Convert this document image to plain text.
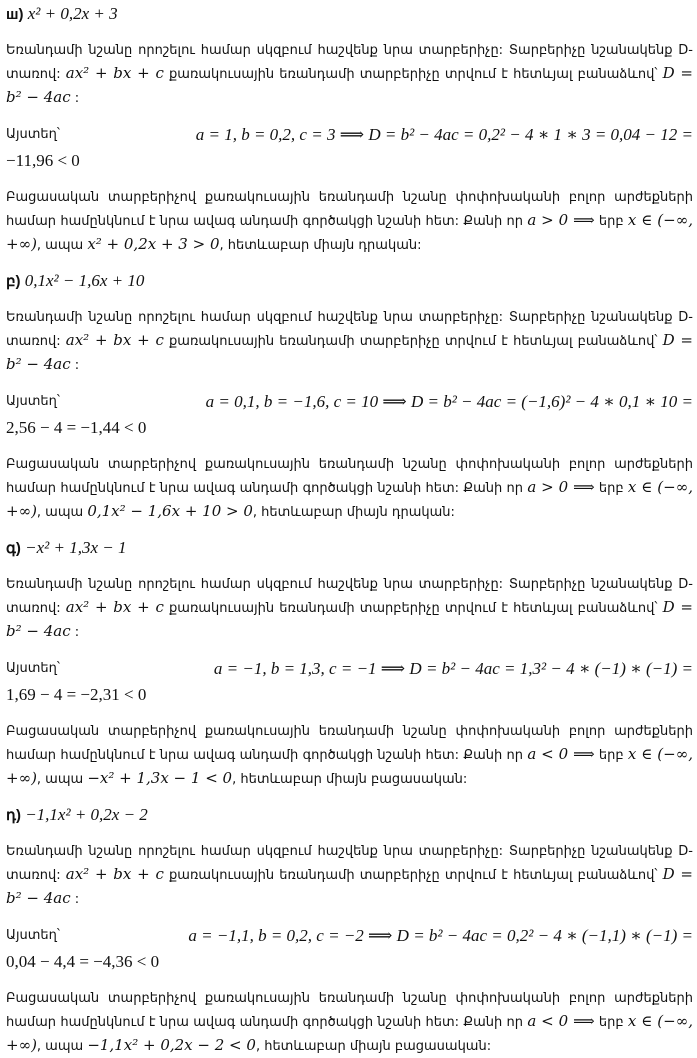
ш) x² + 0,2x + 3
Եռանդամի նշանը որոշելու համար սկզբում հաշվենք նրա տարբերիչը: Տարբերիչը նշանակենք D-տառով: ax² + bx + c քառակուսային եռանդամի տարբերիչը տրվում է հետևյալ բանաձևով՝ D = b² − 4ac :
Այստեղ՝	a = 1, b = 0,2, c = 3 ⟹ D = b² − 4ac = 0,2² − 4 ∗ 1 ∗ 3 = 0,04 − 12 =
−11,96 < 0
Բացասական տարբերիչով քառակուսային եռանդամի նշանը փոփոխականի բոլոր արժեքների համար համընկնում է նրա ավագ անդամի գործակցի նշանի հետ: Քանի որ a > 0 ⟹ երբ x ∈ (−∞, +∞), ապա x² + 0,2x + 3 > 0, հետևաբար միայն դրական:
բ) 0,1x² − 1,6x + 10
Եռանդամի նշանը որոշելու համար սկզբում հաշվենք նրա տարբերիչը: Տարբերիչը նշանակենք D-տառով: ax² + bx + c քառակուսային եռանդամի տարբերիչը տրվում է հետևյալ բանաձևով՝ D = b² − 4ac :
Այստեղ՝	a = 0,1, b = −1,6, c = 10 ⟹ D = b² − 4ac = (−1,6)² − 4 ∗ 0,1 ∗ 10 =
2,56 − 4 = −1,44 < 0
Բացասական տարբերիչով քառակուսային եռանդամի նշանը փոփոխականի բոլոր արժեքների համար համընկնում է նրա ավագ անդամի գործակցի նշանի հետ: Քանի որ a > 0 ⟹ երբ x ∈ (−∞, +∞), ապա 0,1x² − 1,6x + 10 > 0, հետևաբար միայն դրական:
գ) −x² + 1,3x − 1
Եռանդամի նշանը որոշելու համար սկզբում հաշվենք նրա տարբերիչը: Տարբերիչը նշանակենք D-տառով: ax² + bx + c քառակուսային եռանդամի տարբերիչը տրվում է հետևյալ բանաձևով՝ D = b² − 4ac :
Այստեղ՝	a = −1, b = 1,3, c = −1 ⟹ D = b² − 4ac = 1,3² − 4 ∗ (−1) ∗ (−1) =
1,69 − 4 = −2,31 < 0
Բացասական տարբերիչով քառակուսային եռանդամի նշանը փոփոխականի բոլոր արժեքների համար համընկնում է նրա ավագ անդամի գործակցի նշանի հետ: Քանի որ a < 0 ⟹ երբ x ∈ (−∞, +∞), ապա −x² + 1,3x − 1 < 0, հետևաբար միայն բացասական:
դ) −1,1x² + 0,2x − 2
Եռանդամի նշանը որոշելու համար սկզբում հաշվենք նրա տարբերիչը: Տարբերիչը նշանակենք D-տառով: ax² + bx + c քառակուսային եռանդամի տարբերիչը տրվում է հետևյալ բանաձևով՝ D = b² − 4ac :
Այստեղ՝	a = −1,1, b = 0,2, c = −2 ⟹ D = b² − 4ac = 0,2² − 4 ∗ (−1,1) ∗ (−1) =
0,04 − 4,4 = −4,36 < 0
Բացասական տարբերիչով քառակուսային եռանդամի նշանը փոփոխականի բոլոր արժեքների համար համընկնում է նրա ավագ անդամի գործակցի նշանի հետ: Քանի որ a < 0 ⟹ երբ x ∈ (−∞, +∞), ապա −1,1x² + 0,2x − 2 < 0, հետևաբար միայն բացասական:
